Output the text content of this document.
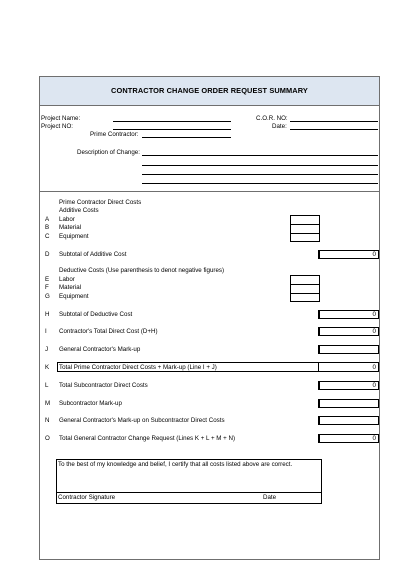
CONTRACTOR CHANGE ORDER REQUEST SUMMARY
Project Name:
Project NO:
C.O.R. NO:
Date:
Prime Contractor:
Description of Change:
Prime Contractor Direct Costs
Additive Costs
A Labor
B Material
C Equipment
D Subtotal of Additive Cost	0
Deductive Costs (Use parenthesis to denot negative figures)
E Labor
F Material
G Equipment
H Subtotal of Deductive Cost	0
I Contractor's Total Direct Cost (D+H)	0
J General Contractor's Mark-up
K Total Prime Contractor Direct Costs + Mark-up (Line I + J)	0
L Total Subcontractor Direct Costs	0
M Subcontractor Mark-up
N General Contractor's Mark-up on Subcontractor Direct Costs
O Total General Contractor Change Request (Lines K + L + M + N)	0
To the best of my knowledge and belief, I certify that all costs listed above are correct.
Contractor Signature	Date
